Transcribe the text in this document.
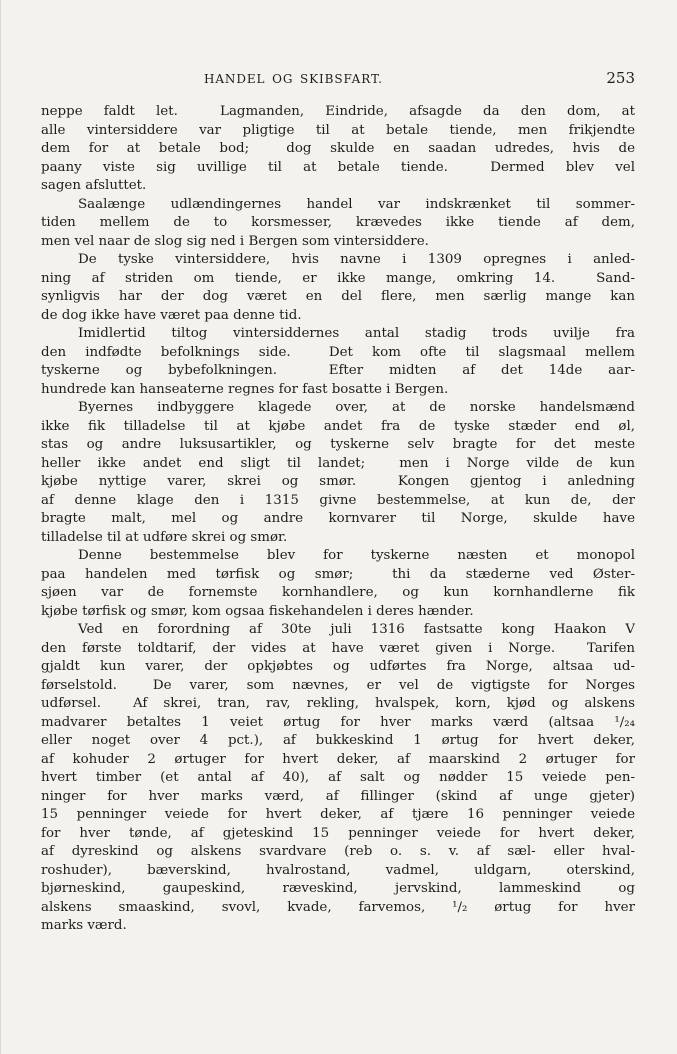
HANDEL OG SKIBSFART.	253
neppe faldt let.  Lagmanden, Eindride, afsagde da den dom, at
alle vintersiddere var pligtige til at betale tiende, men frikjendte
dem for at betale bod;  dog skulde en saadan udredes, hvis de
paany viste sig uvillige til at betale tiende.  Dermed blev vel
sagen afsluttet.
Saalænge udlændingernes handel var indskrænket til sommer-
tiden mellem de to korsmesser, krævedes ikke tiende af dem,
men vel naar de slog sig ned i Bergen som vintersiddere.
De tyske vintersiddere, hvis navne i 1309 opregnes i anled-
ning af striden om tiende, er ikke mange, omkring 14.  Sand-
synligvis har der dog været en del flere, men særlig mange kan
de dog ikke have været paa denne tid.
Imidlertid tiltog vintersiddernes antal stadig trods uvilje fra
den indfødte befolknings side.  Det kom ofte til slagsmaal mellem
tyskerne og bybefolkningen.  Efter midten af det 14de aar-
hundrede kan hanseaterne regnes for fast bosatte i Bergen.
Byernes indbyggere klagede over, at de norske handelsmænd
ikke fik tilladelse til at kjøbe andet fra de tyske stæder end øl,
stas og andre luksusartikler, og tyskerne selv bragte for det meste
heller ikke andet end sligt til landet;  men i Norge vilde de kun
kjøbe nyttige varer, skrei og smør.  Kongen gjentog i anledning
af denne klage den i 1315 givne bestemmelse, at kun de, der
bragte malt, mel og andre kornvarer til Norge, skulde have
tilladelse til at udføre skrei og smør.
Denne bestemmelse blev for tyskerne næsten et monopol
paa handelen med tørfisk og smør;  thi da stæderne ved Øster-
sjøen var de fornemste kornhandlere, og kun kornhandlerne fik
kjøbe tørfisk og smør, kom ogsaa fiskehandelen i deres hænder.
Ved en forordning af 30te juli 1316 fastsatte kong Haakon V
den første toldtarif, der vides at have været given i Norge.  Tarifen
gjaldt kun varer, der opkjøbtes og udførtes fra Norge, altsaa ud-
førselstold.  De varer, som nævnes, er vel de vigtigste for Norges
udførsel.  Af skrei, tran, rav, rekling, hvalspek, korn, kjød og alskens
madvarer betaltes 1 veiet ørtug for hver marks værd (altsaa ¹/₂₄
eller noget over 4 pct.), af bukkeskind 1 ørtug for hvert deker,
af kohuder 2 ørtuger for hvert deker, af maarskind 2 ørtuger for
hvert timber (et antal af 40), af salt og nødder 15 veiede pen-
ninger for hver marks værd, af fillinger (skind af unge gjeter)
15 penninger veiede for hvert deker, af tjære 16 penninger veiede
for hver tønde, af gjeteskind 15 penninger veiede for hvert deker,
af dyreskind og alskens svardvare (reb o. s. v. af sæl- eller hval-
roshuder), bæverskind, hvalrostand, vadmel, uldgarn, oterskind,
bjørneskind, gaupeskind, ræveskind, jervskind, lammeskind og
alskens smaaskind, svovl, kvade, farvemos, ¹/₂ ørtug for hver
marks værd.
